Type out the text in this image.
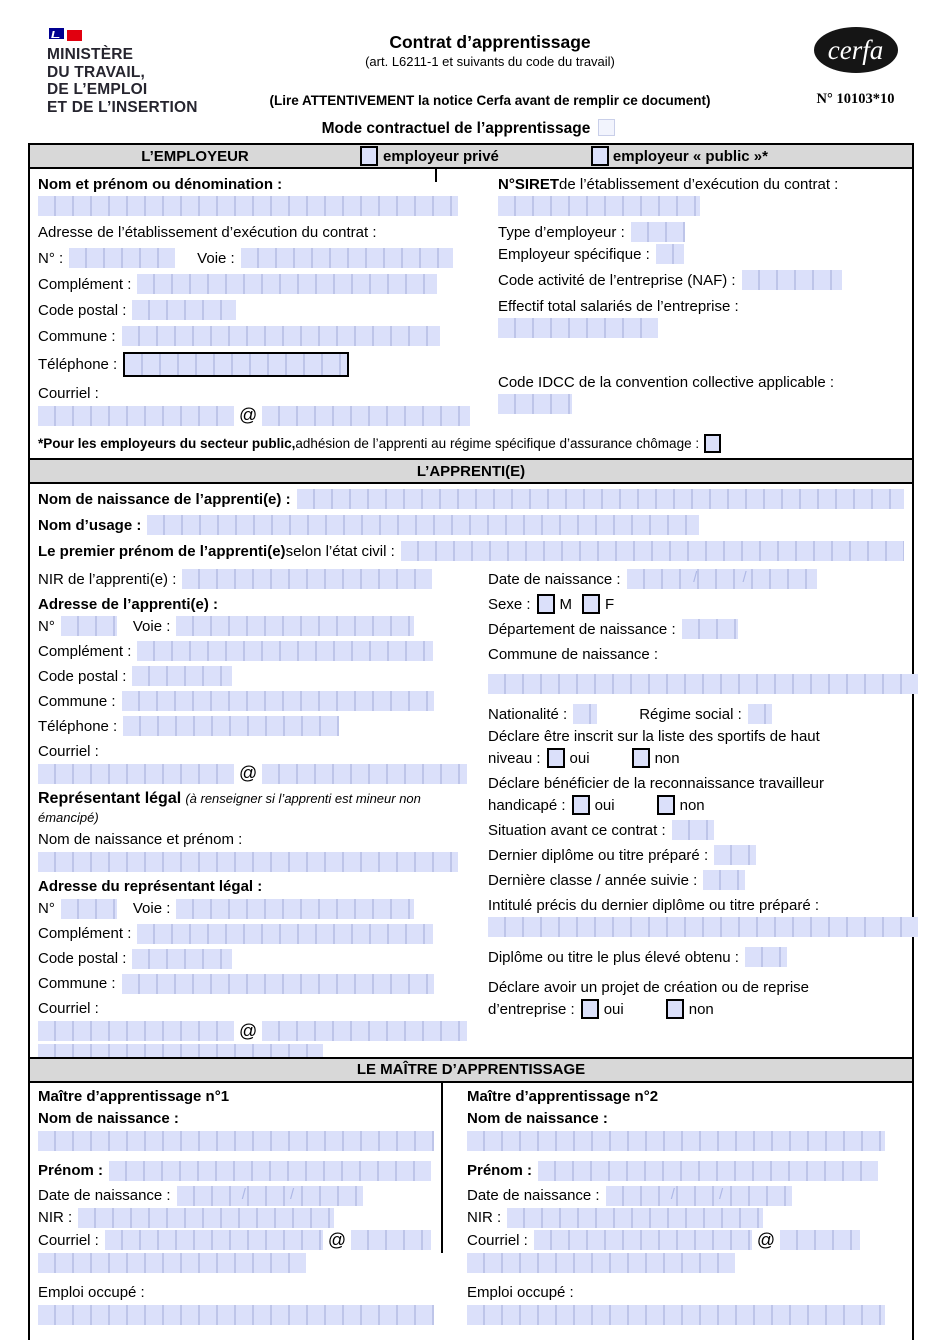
MINISTÈRE
DU TRAVAIL,
DE L’EMPLOI
ET DE L’INSERTION
Contrat d’apprentissage
(art. L6211-1 et suivants du code du travail)
(Lire ATTENTIVEMENT la notice Cerfa avant de remplir ce document)
cerfa
N° 10103*10
Mode contractuel de l’apprentissage
L’EMPLOYEUR	employeur privé	employeur « public »*
Nom et prénom ou dénomination :
Adresse de l’établissement d’exécution du contrat :
N° :	Voie :
Complément :
Code postal :
Commune :
Téléphone :
Courriel :
@
N°SIRET de l’établissement d’exécution du contrat :
Type d’employeur :
Employeur spécifique :
Code activité de l’entreprise (NAF) :
Effectif total salariés de l’entreprise :
Code IDCC de la convention collective applicable :
*Pour les employeurs du secteur public, adhésion de l’apprenti au régime spécifique d’assurance chômage :
L’APPRENTI(E)
Nom de naissance de l’apprenti(e) :
Nom d’usage :
Le premier prénom de l’apprenti(e) selon l’état civil :
NIR de l’apprenti(e) :
Adresse de l’apprenti(e) :
N°	Voie :
Complément :
Code postal :
Commune :
Téléphone :
Courriel :
@
Représentant légal (à renseigner si l’apprenti est mineur non émancipé)
Nom de naissance et prénom :
Adresse du représentant légal :
N°	Voie :
Complément :
Code postal :
Commune :
Courriel :
@
Date de naissance :
/ /
Sexe : M F
Département de naissance :
Commune de naissance :
Nationalité :	Régime social :
Déclare être inscrit sur la liste des sportifs de haut
niveau : oui	non
Déclare bénéficier de la reconnaissance travailleur
handicapé : oui	non
Situation avant ce contrat :
Dernier diplôme ou titre préparé :
Dernière classe / année suivie :
Intitulé précis du dernier diplôme ou titre préparé :
Diplôme ou titre le plus élevé obtenu :
Déclare avoir un projet de création ou de reprise
d’entreprise : oui	non
LE MAÎTRE D’APPRENTISSAGE
Maître d’apprentissage n°1
Nom de naissance :
Prénom :
Date de naissance :
/ /
NIR :
Courriel :	@
Emploi occupé :
Maître d’apprentissage n°2
Nom de naissance :
Prénom :
Date de naissance :
/ /
NIR :
Courriel :	@
Emploi occupé :
